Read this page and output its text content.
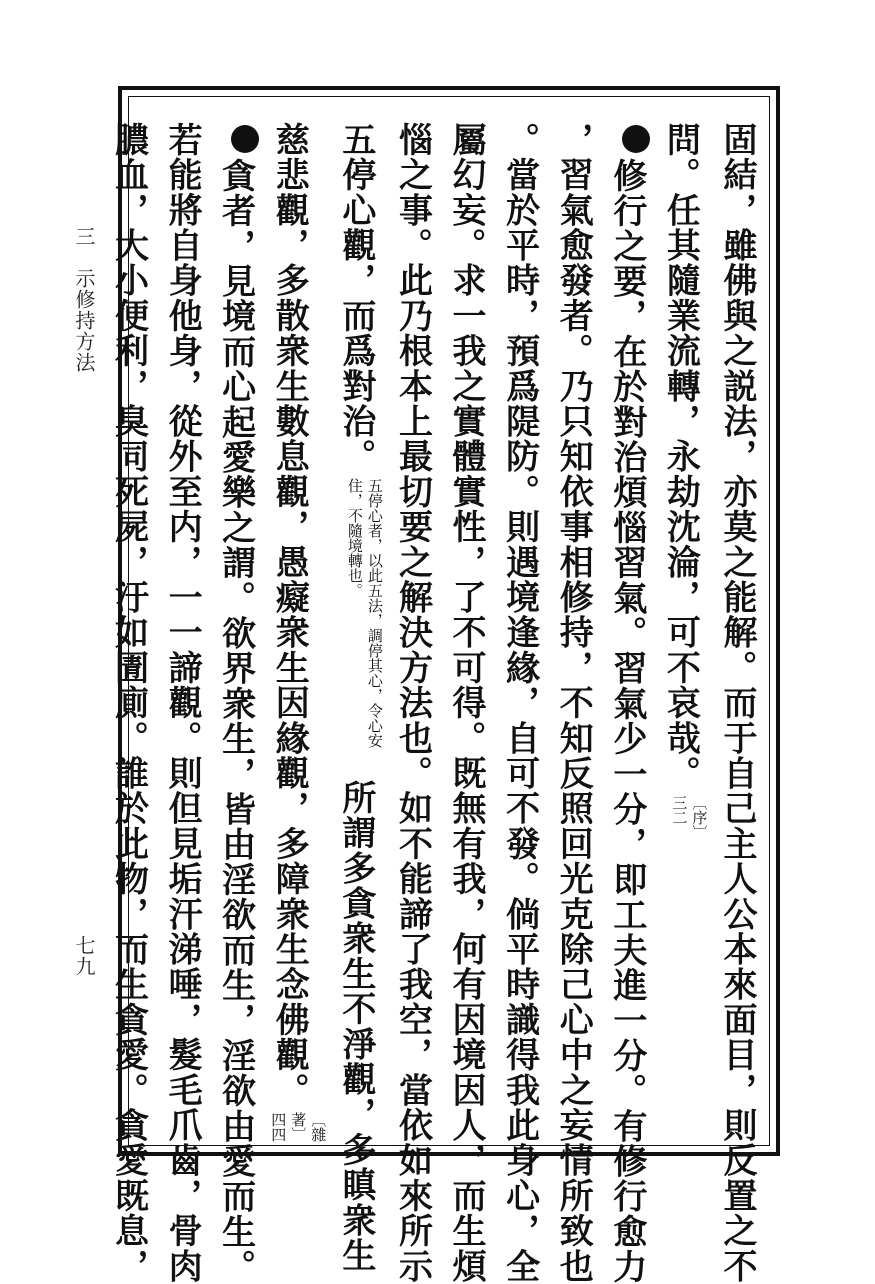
三　示修持方法
七九	固結，雖佛與之説法，亦莫之能解。而于自己主人公本來面目，則反置之不
問。任其隨業流轉，永劫沈淪，可不哀哉。︹序︺三二
修行之要，在於對治煩惱習氣。習氣少一分，即工夫進一分。有修行愈力
，習氣愈發者。乃只知依事相修持，不知反照回光克除己心中之妄情所致也
。當於平時，預爲隄防。則遇境逢緣，自可不發。倘平時識得我此身心，全
屬幻妄。求一我之實體實性，了不可得。既無有我，何有因境因人，而生煩
惱之事。此乃根本上最切要之解決方法也。如不能諦了我空，當依如來所示
五停心觀，而爲對治。五停心者，以此五法，調停其心，令心安住，不隨境轉也。所謂多貪衆生不淨觀，多瞋衆生
慈悲觀，多散衆生數息觀，愚癡衆生因緣觀，多障衆生念佛觀。︹雜著︺四四
貪者，見境而心起愛樂之謂。欲界衆生，皆由淫欲而生，淫欲由愛而生。
若能將自身他身，從外至内，一一諦觀。則但見垢汗涕唾，髮毛爪齒，骨肉
膿血，大小便利，臭同死屍，汙如圊廁。誰於此物，而生貪愛。貪愛既息，
